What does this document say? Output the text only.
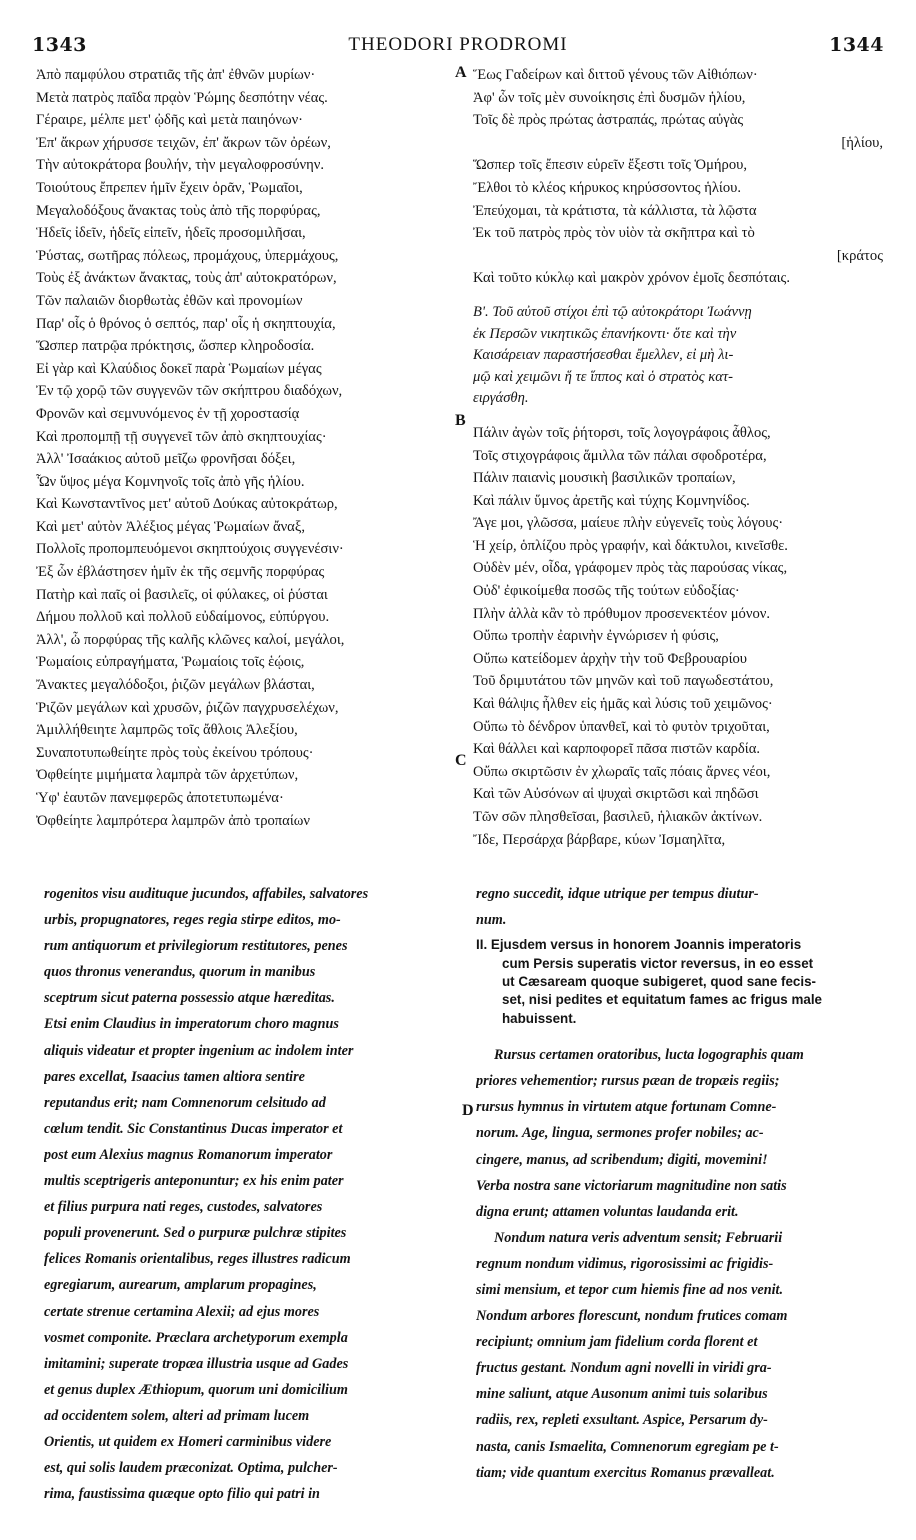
1343	THEODORI PRODROMI	1344
A
B
C
D
Ἀπὸ παμφύλου στρατιᾶς τῆς ἀπ' ἐθνῶν μυρίων·
Μετὰ πατρὸς παῖδα πρᾳὸν Ῥώμης δεσπότην νέας.
Γέραιρε, μέλπε μετ' ᾠδῆς καὶ μετὰ παιηόνων·
Ἐπ' ἄκρων χήρυσσε τειχῶν, ἐπ' ἄκρων τῶν ὀρέων,
Τὴν αὐτοκράτορα βουλήν, τὴν μεγαλοφροσύνην.
Τοιούτους ἔπρεπεν ἡμῖν ἔχειν ὁρᾶν, Ῥωμαῖοι,
Μεγαλοδόξους ἄνακτας τοὺς ἀπὸ τῆς πορφύρας,
Ἡδεῖς ἰδεῖν, ἡδεῖς εἰπεῖν, ἡδεῖς προσομιλῆσαι,
Ῥύστας, σωτῆρας πόλεως, προμάχους, ὑπερμάχους,
Τοὺς ἐξ ἀνάκτων ἄνακτας, τοὺς ἀπ' αὐτοκρατόρων,
Τῶν παλαιῶν διορθωτὰς ἐθῶν καὶ προνομίων
Παρ' οἷς ὁ θρόνος ὁ σεπτός, παρ' οἷς ἡ σκηπτουχία,
Ὥσπερ πατρῷα πρόκτησις, ὥσπερ κληροδοσία.
Εἰ γὰρ καὶ Κλαύδιος δοκεῖ παρὰ Ῥωμαίων μέγας
Ἐν τῷ χορῷ τῶν συγγενῶν τῶν σκήπτρου διαδόχων,
Φρονῶν καὶ σεμνυνόμενος ἐν τῇ χοροστασίᾳ
Καὶ προπομπῇ τῇ συγγενεῖ τῶν ἀπὸ σκηπτουχίας·
Ἀλλ' Ἰσαάκιος αὐτοῦ μεῖζω φρονῆσαι δόξει,
Ὧν ὕψος μέγα Κομνηνοῖς τοῖς ἀπὸ γῆς ἡλίου.
Καὶ Κωνσταντῖνος μετ' αὐτοῦ Δούκας αὐτοκράτωρ,
Καὶ μετ' αὐτὸν Ἀλέξιος μέγας Ῥωμαίων ἄναξ,
Πολλοῖς προπομπευόμενοι σκηπτούχοις συγγενέσιν·
Ἐξ ὧν ἐβλάστησεν ἡμῖν ἐκ τῆς σεμνῆς πορφύρας
Πατὴρ καὶ παῖς οἱ βασιλεῖς, οἱ φύλακες, οἱ ῥύσται
Δήμου πολλοῦ καὶ πολλοῦ εὐδαίμονος, εὐπύργου.
Ἀλλ', ὦ πορφύρας τῆς καλῆς κλῶνες καλοί, μεγάλοι,
Ῥωμαίοις εὐπραγήματα, Ῥωμαίοις τοῖς ἑῴοις,
Ἄνακτες μεγαλόδοξοι, ῥιζῶν μεγάλων βλάσται,
Ῥιζῶν μεγάλων καὶ χρυσῶν, ῥιζῶν παγχρυσελέχων,
Ἁμιλλήθειητε λαμπρῶς τοῖς ἄθλοις Ἀλεξίου,
Συναποτυπωθείητε πρὸς τοὺς ἐκείνου τρόπους·
Ὀφθείητε μιμήματα λαμπρὰ τῶν ἀρχετύπων,
Ὑφ' ἑαυτῶν πανεμφερῶς ἀποτετυπωμένα·
Ὀφθείητε λαμπρότερα λαμπρῶν ἀπὸ τροπαίων
Ἕως Γαδείρων καὶ διττοῦ γένους τῶν Αἰθιόπων·
Ἀφ' ὧν τοῖς μὲν συνοίκησις ἐπὶ δυσμῶν ἡλίου,
Τοῖς δὲ πρὸς πρώτας ἀστραπάς, πρώτας αὐγὰς
[ἡλίου,
Ὥσπερ τοῖς ἔπεσιν εὑρεῖν ἔξεστι τοῖς Ὁμήρου,
Ἔλθοι τὸ κλέος κήρυκος κηρύσσοντος ἡλίου.
Ἐπεύχομαι, τὰ κράτιστα, τὰ κάλλιστα, τὰ λῷστα
Ἐκ τοῦ πατρὸς πρὸς τὸν υἱὸν τὰ σκῆπτρα καὶ τὸ
[κράτος
Καὶ τοῦτο κύκλῳ καὶ μακρὸν χρόνον ἐμοῖς δεσπόταις.
Β'. Τοῦ αὐτοῦ στίχοι ἐπὶ τῷ αὐτοκράτορι Ἰωάννῃ
ἐκ Περσῶν νικητικῶς ἐπανήκοντι· ὅτε καὶ τὴν
Καισάρειαν παραστήσεσθαι ἔμελλεν, εἰ μὴ λι-
μῷ καὶ χειμῶνι ἥ τε ἵππος καὶ ὁ στρατὸς κατ-
ειργάσθη.
Πάλιν ἀγὼν τοῖς ῥήτορσι, τοῖς λογογράφοις ἆθλος,
Τοῖς στιχογράφοις ἅμιλλα τῶν πάλαι σφοδροτέρα,
Πάλιν παιανὶς μουσικὴ βασιλικῶν τροπαίων,
Καὶ πάλιν ὕμνος ἀρετῆς καὶ τύχης Κομνηνίδος.
Ἄγε μοι, γλῶσσα, μαίευε πλὴν εὐγενεῖς τοὺς λόγους·
Ἡ χείρ, ὁπλίζου πρὸς γραφήν, καὶ δάκτυλοι, κινεῖσθε.
Οὐδὲν μέν, οἶδα, γράφομεν πρὸς τὰς παρούσας νίκας,
Οὐδ' ἐφικοίμεθα ποσῶς τῆς τούτων εὐδοξίας·
Πλὴν ἀλλὰ κἂν τὸ πρόθυμον προσενεκτέον μόνον.
Οὔπω τροπὴν ἐαρινὴν ἐγνώρισεν ἡ φύσις,
Οὔπω κατείδομεν ἀρχὴν τὴν τοῦ Φεβρουαρίου
Τοῦ δριμυτάτου τῶν μηνῶν καὶ τοῦ παγωδεστάτου,
Καὶ θάλψις ἦλθεν εἰς ἡμᾶς καὶ λύσις τοῦ χειμῶνος·
Οὔπω τὸ δένδρον ὑπανθεῖ, καὶ τὸ φυτὸν τριχοῦται,
Καὶ θάλλει καὶ καρποφορεῖ πᾶσα πιστῶν καρδία.
Οὔπω σκιρτῶσιν ἐν χλωραῖς ταῖς πόαις ἄρνες νέοι,
Καὶ τῶν Αὐσόνων αἱ ψυχαὶ σκιρτῶσι καὶ πηδῶσι
Τῶν σῶν πλησθεῖσαι, βασιλεῦ, ἡλιακῶν ἀκτίνων.
Ἴδε, Περσάρχα βάρβαρε, κύων Ἰσμαηλῖτα,
rogenitos visu audituque jucundos, affabiles, salvatores
urbis, propugnatores, reges regia stirpe editos, mo-
rum antiquorum et privilegiorum restitutores, penes
quos thronus venerandus, quorum in manibus
sceptrum sicut paterna possessio atque hæreditas.
Etsi enim Claudius in imperatorum choro magnus
aliquis videatur et propter ingenium ac indolem inter
pares excellat, Isaacius tamen altiora sentire
reputandus erit; nam Comnenorum celsitudo ad
cœlum tendit. Sic Constantinus Ducas imperator et
post eum Alexius magnus Romanorum imperator
multis sceptrigeris anteponuntur; ex his enim pater
et filius purpura nati reges, custodes, salvatores
populi provenerunt. Sed o purpuræ pulchræ stipites
felices Romanis orientalibus, reges illustres radicum
egregiarum, aurearum, amplarum propagines,
certate strenue certamina Alexii; ad ejus mores
vosmet componite. Præclara archetyporum exempla
imitamini; superate tropæa illustria usque ad Gades
et genus duplex Æthiopum, quorum uni domicilium
ad occidentem solem, alteri ad primam lucem
Orientis, ut quidem ex Homeri carminibus videre
est, qui solis laudem præconizat. Optima, pulcher-
rima, faustissima quæque opto filio qui patri in
regno succedit, idque utrique per tempus diutur-
num.
II. Ejusdem versus in honorem Joannis imperatoris
cum Persis superatis victor reversus, in eo esset
ut Cæsaream quoque subigeret, quod sane fecis-
set, nisi pedites et equitatum fames ac frigus male
habuissent.
Rursus certamen oratoribus, lucta logographis quam
priores vehementior; rursus pæan de tropæis regiis;
rursus hymnus in virtutem atque fortunam Comne-
norum. Age, lingua, sermones profer nobiles; ac-
cingere, manus, ad scribendum; digiti, movemini!
Verba nostra sane victoriarum magnitudine non satis
digna erunt; attamen voluntas laudanda erit.
Nondum natura veris adventum sensit; Februarii
regnum nondum vidimus, rigorosissimi ac frigidis-
simi mensium, et tepor cum hiemis fine ad nos venit.
Nondum arbores florescunt, nondum frutices comam
recipiunt; omnium jam fidelium corda florent et
fructus gestant. Nondum agni novelli in viridi gra-
mine saliunt, atque Ausonum animi tuis solaribus
radiis, rex, repleti exsultant. Aspice, Persarum dy-
nasta, canis Ismaelita, Comnenorum egregiam pe t-
tiam; vide quantum exercitus Romanus prævalleat.
